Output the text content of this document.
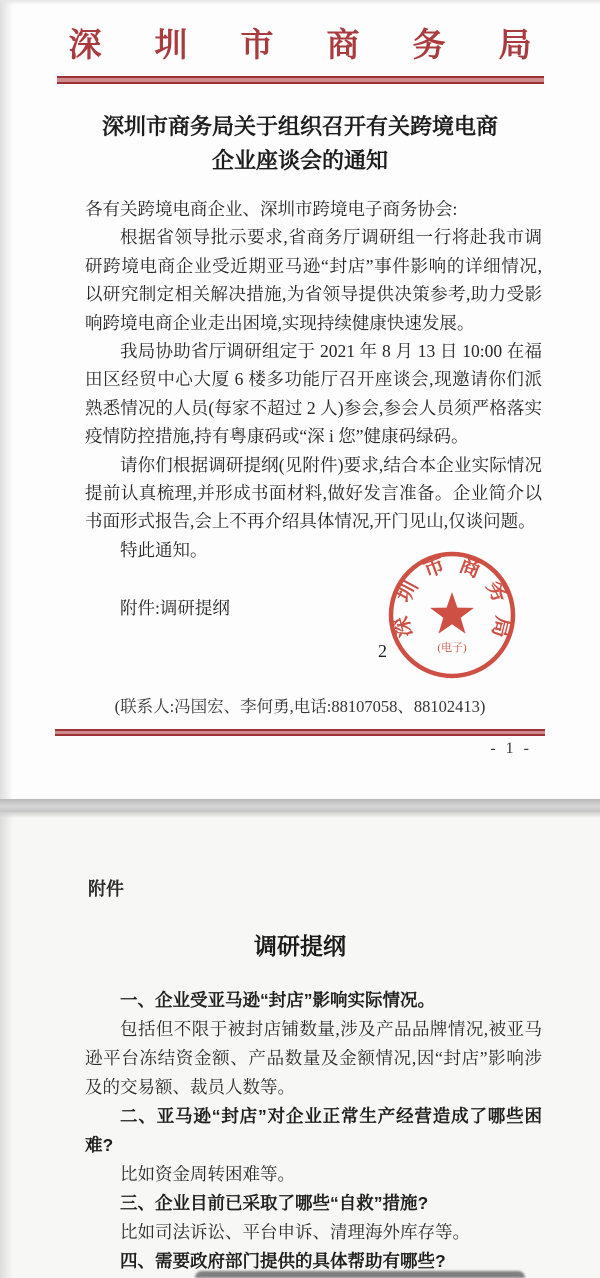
深圳市商务局
深圳市商务局关于组织召开有关跨境电商
企业座谈会的通知

各有关跨境电商企业、深圳市跨境电子商务协会:

根据省领导批示要求,省商务厅调研组一行将赴我市调研跨境电商企业受近期亚马逊“封店”事件影响的详细情况,以研究制定相关解决措施,为省领导提供决策参考,助力受影响跨境电商企业走出困境,实现持续健康快速发展。

我局协助省厅调研组定于 2021 年 8 月 13 日 10:00 在福田区经贸中心大厦 6 楼多功能厅召开座谈会,现邀请你们派熟悉情况的人员(每家不超过 2 人)参会,参会人员须严格落实疫情防控措施,持有粤康码或“深 i 您”健康码绿码。

请你们根据调研提纲(见附件)要求,结合本企业实际情况提前认真梳理,并形成书面材料,做好发言准备。企业简介以书面形式报告,会上不再介绍具体情况,开门见山,仅谈问题。

特此通知。

附件:调研提纲

深圳市商务局
(电子)
2

(联系人:冯国宏、李何勇,电话:88107058、88102413)

- 1 -
附件
调研提纲

一、企业受亚马逊“封店”影响实际情况。

包括但不限于被封店铺数量,涉及产品品牌情况,被亚马逊平台冻结资金额、产品数量及金额情况,因“封店”影响涉及的交易额、裁员人数等。

二、亚马逊“封店”对企业正常生产经营造成了哪些困难?

比如资金周转困难等。

三、企业目前已采取了哪些“自救”措施?

比如司法诉讼、平台申诉、清理海外库存等。

四、需要政府部门提供的具体帮助有哪些?
